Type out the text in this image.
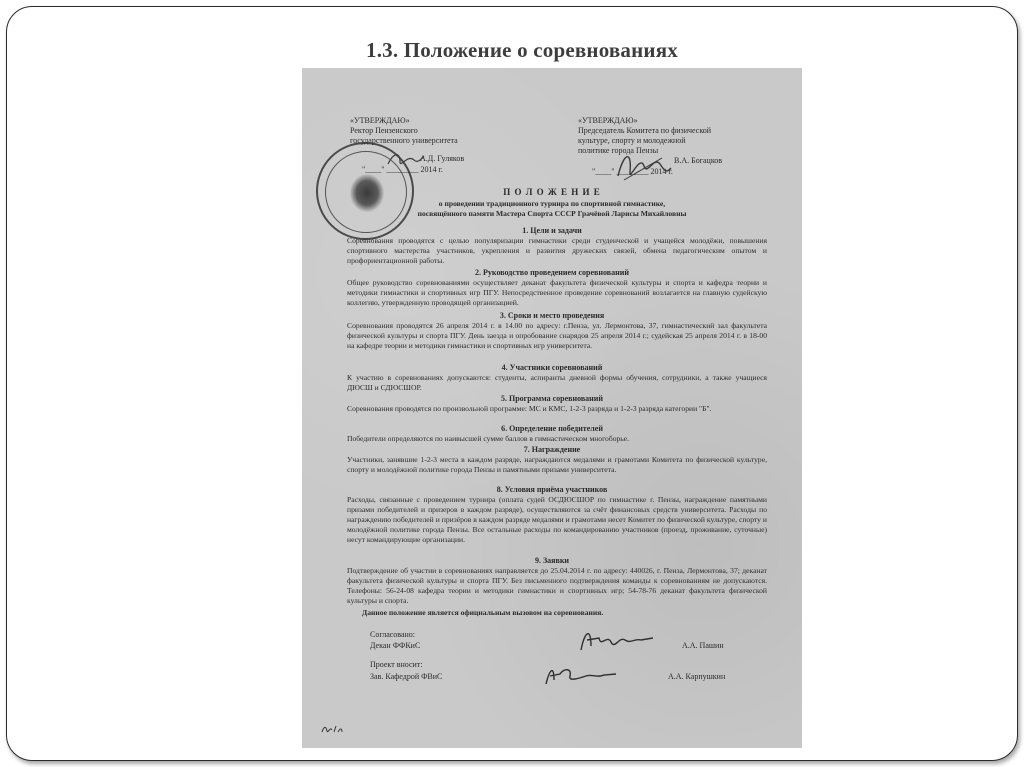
1.3. Положение о соревнованиях
«УТВЕРЖДАЮ»
Ректор Пензенского
государственного университета
А.Д. Гуляков
"____" ________ 2014 г.
«УТВЕРЖДАЮ»
Председатель Комитета по физической
культуре, спорту и молодежной
политике города Пензы
В.А. Богацков
"____" ________ 2014 г.
П О Л О Ж Е Н И Е
о проведении традиционного турнира по спортивной гимнастике,
посвящённого памяти Мастера Спорта СССР Грачёвой Ларисы Михайловны
1. Цели и задачи
Соревнования проводятся с целью популяризации гимнастики среди студенческой и учащейся молодёжи, повышения спортивного мастерства участников, укрепления и развития дружеских связей, обмена педагогическим опытом и профориентационной работы.
2. Руководство проведением соревнований
Общее руководство соревнованиями осуществляет деканат факультета физической культуры и спорта и кафедра теории и методики гимнастики и спортивных игр ПГУ. Непосредственное проведение соревнований возлагается на главную судейскую коллегию, утвержденную проводящей организацией.
3. Сроки и место проведения
Соревнования проводятся 26 апреля 2014 г. в 14.00 по адресу: г.Пенза, ул. Лермонтова, 37, гимнастический зал факультета физической культуры и спорта ПГУ. День заезда и опробование снарядов 25 апреля 2014 г.; судейская 25 апреля 2014 г. в 18-00 на кафедре теории и методики гимнастики и спортивных игр университета.
4. Участники соревнований
К участию в соревнованиях допускаются: студенты, аспиранты дневной формы обучения, сотрудники, а также учащиеся ДЮСШ и СДЮСШОР.
5. Программа соревнований
Соревнования проводятся по произвольной программе: МС и КМС, 1-2-3 разряда и 1-2-3 разряда категории "Б".
6. Определение победителей
Победители определяются по наивысшей сумме баллов в гимнастическом многоборье.
7. Награждение
Участники, занявшие 1-2-3 места в каждом разряде, награждаются медалями и грамотами Комитета по физической культуре, спорту и молодёжной политике города Пензы и памятными призами университета.
8. Условия приёма участников
Расходы, связанные с проведением турнира (оплата судей ОСДЮСШОР по гимнастике г. Пензы, награждение памятными призами победителей и призеров в каждом разряде), осуществляются за счёт финансовых средств университета. Расходы по награждению победителей и призёров в каждом разряде медалями и грамотами несет Комитет по физической культуре, спорту и молодёжной политике города Пензы. Все остальные расходы по командированию участников (проезд, проживание, суточные) несут командирующие организации.
9. Заявки
Подтверждение об участии в соревнованиях направляется до 25.04.2014 г. по адресу: 440026, г. Пенза, Лермонтова, 37; деканат факультета физической культуры и спорта ПГУ. Без письменного подтверждения команды к соревнованиям не допускаются. Телефоны: 56-24-08 кафедра теории и методики гимнастики и спортивных игр; 54-78-76 деканат факультета физической культуры и спорта.
Данное положение является официальным вызовом на соревнования.
Согласовано:
Декан ФФКиС	А.А. Пашин
Проект вносит:
Зав. Кафедрой ФВиС	А.А. Карпушкин
